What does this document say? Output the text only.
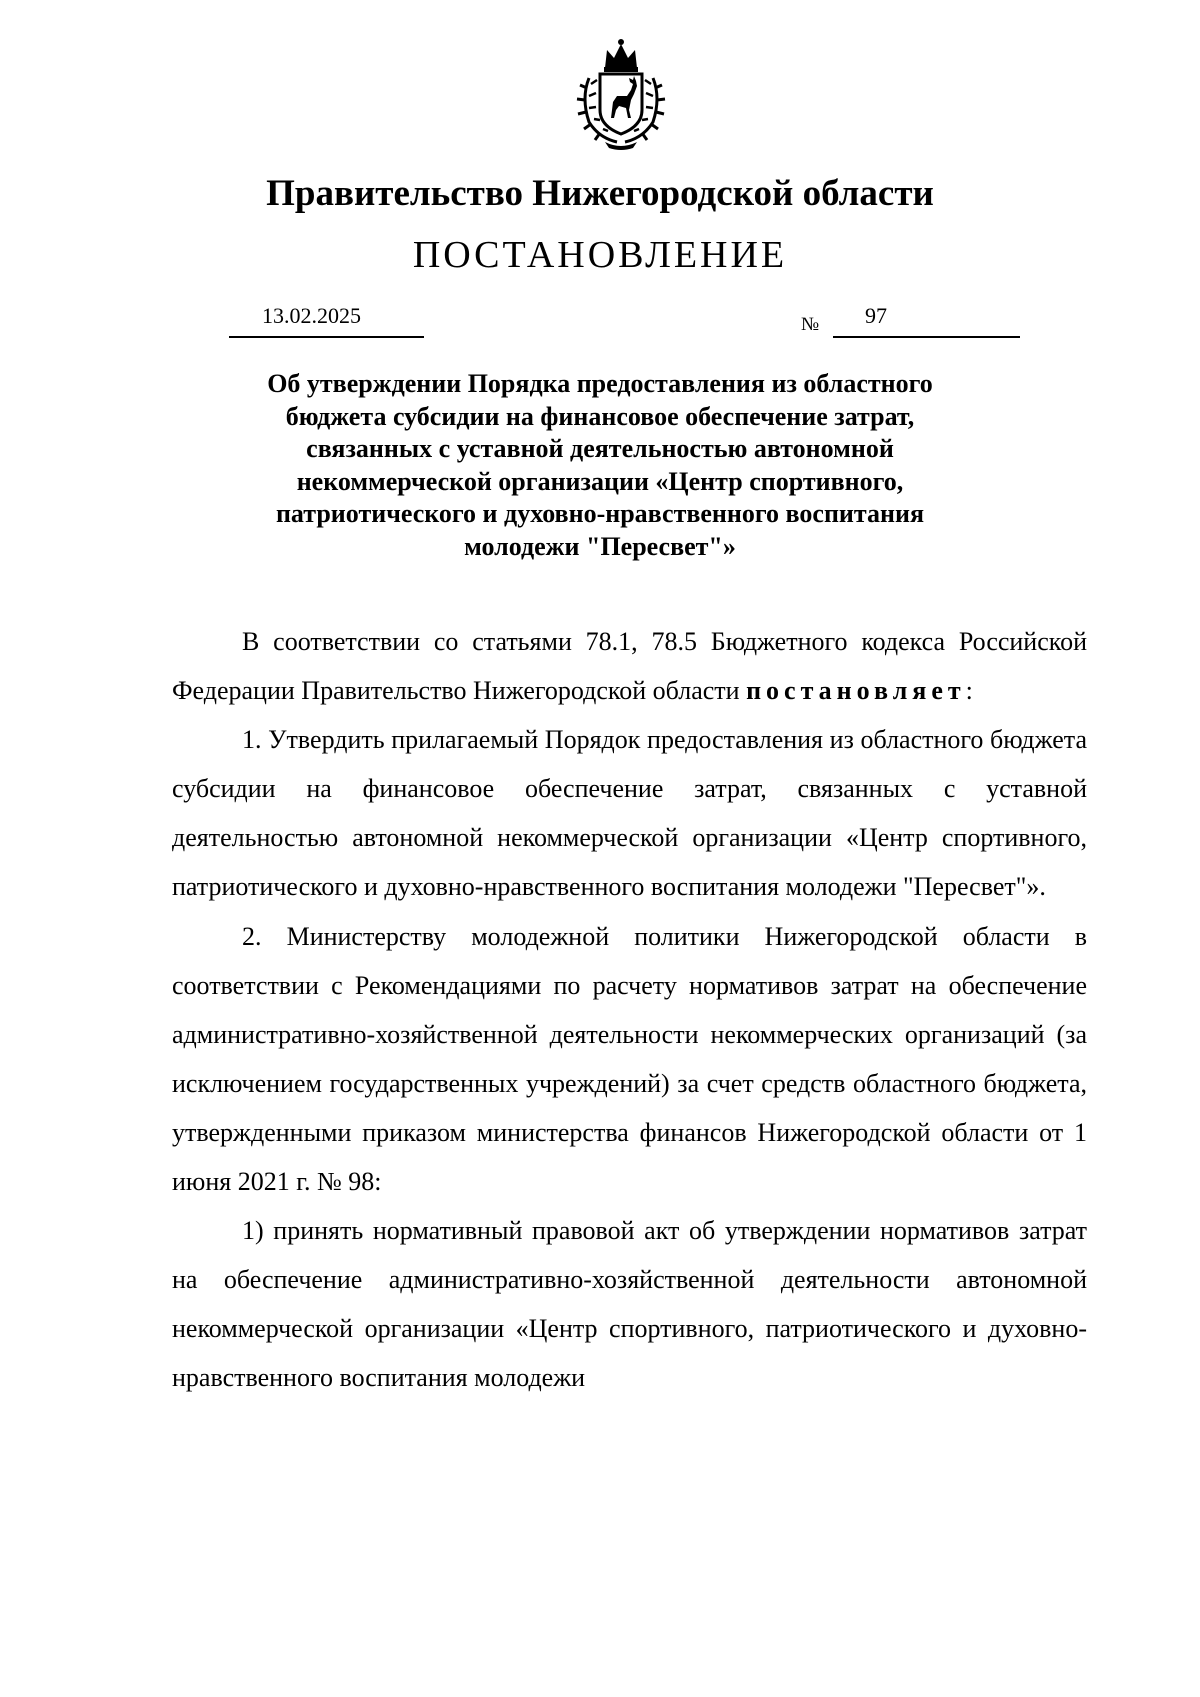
Правительство Нижегородской области
ПОСТАНОВЛЕНИЕ
13.02.2025	№ 97
Об утверждении Порядка предоставления из областного бюджета субсидии на финансовое обеспечение затрат, связанных с уставной деятельностью автономной некоммерческой организации «Центр спортивного, патриотического и духовно-нравственного воспитания молодежи "Пересвет"»

В соответствии со статьями 78.1, 78.5 Бюджетного кодекса Российской Федерации Правительство Нижегородской области постановляет:

1. Утвердить прилагаемый Порядок предоставления из областного бюджета субсидии на финансовое обеспечение затрат, связанных с уставной деятельностью автономной некоммерческой организации «Центр спортивного, патриотического и духовно-нравственного воспитания молодежи "Пересвет"».

2. Министерству молодежной политики Нижегородской области в соответствии с Рекомендациями по расчету нормативов затрат на обеспечение административно-хозяйственной деятельности некоммерческих организаций (за исключением государственных учреждений) за счет средств областного бюджета, утвержденными приказом министерства финансов Нижегородской области от 1 июня 2021 г. № 98:

1) принять нормативный правовой акт об утверждении нормативов затрат на обеспечение административно-хозяйственной деятельности автономной некоммерческой организации «Центр спортивного, патриотического и духовно-нравственного воспитания молодежи
